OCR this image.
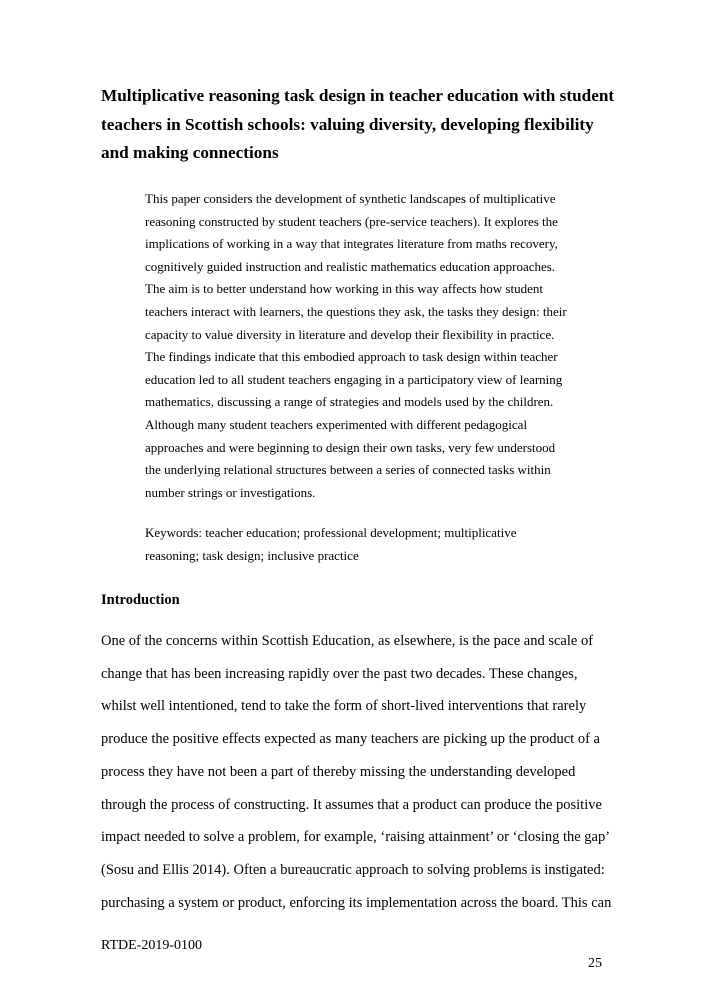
Multiplicative reasoning task design in teacher education with student
teachers in Scottish schools: valuing diversity, developing flexibility
and making connections
This paper considers the development of synthetic landscapes of multiplicative
reasoning constructed by student teachers (pre-service teachers). It explores the
implications of working in a way that integrates literature from maths recovery,
cognitively guided instruction and realistic mathematics education approaches.
The aim is to better understand how working in this way affects how student
teachers interact with learners, the questions they ask, the tasks they design: their
capacity to value diversity in literature and develop their flexibility in practice.
The findings indicate that this embodied approach to task design within teacher
education led to all student teachers engaging in a participatory view of learning
mathematics, discussing a range of strategies and models used by the children.
Although many student teachers experimented with different pedagogical
approaches and were beginning to design their own tasks, very few understood
the underlying relational structures between a series of connected tasks within
number strings or investigations.
Keywords: teacher education; professional development; multiplicative
reasoning; task design; inclusive practice
Introduction
One of the concerns within Scottish Education, as elsewhere, is the pace and scale of
change that has been increasing rapidly over the past two decades. These changes,
whilst well intentioned, tend to take the form of short-lived interventions that rarely
produce the positive effects expected as many teachers are picking up the product of a
process they have not been a part of thereby missing the understanding developed
through the process of constructing. It assumes that a product can produce the positive
impact needed to solve a problem, for example, ‘raising attainment’ or ‘closing the gap’
(Sosu and Ellis 2014). Often a bureaucratic approach to solving problems is instigated:
purchasing a system or product, enforcing its implementation across the board. This can
RTDE-2019-0100
25
